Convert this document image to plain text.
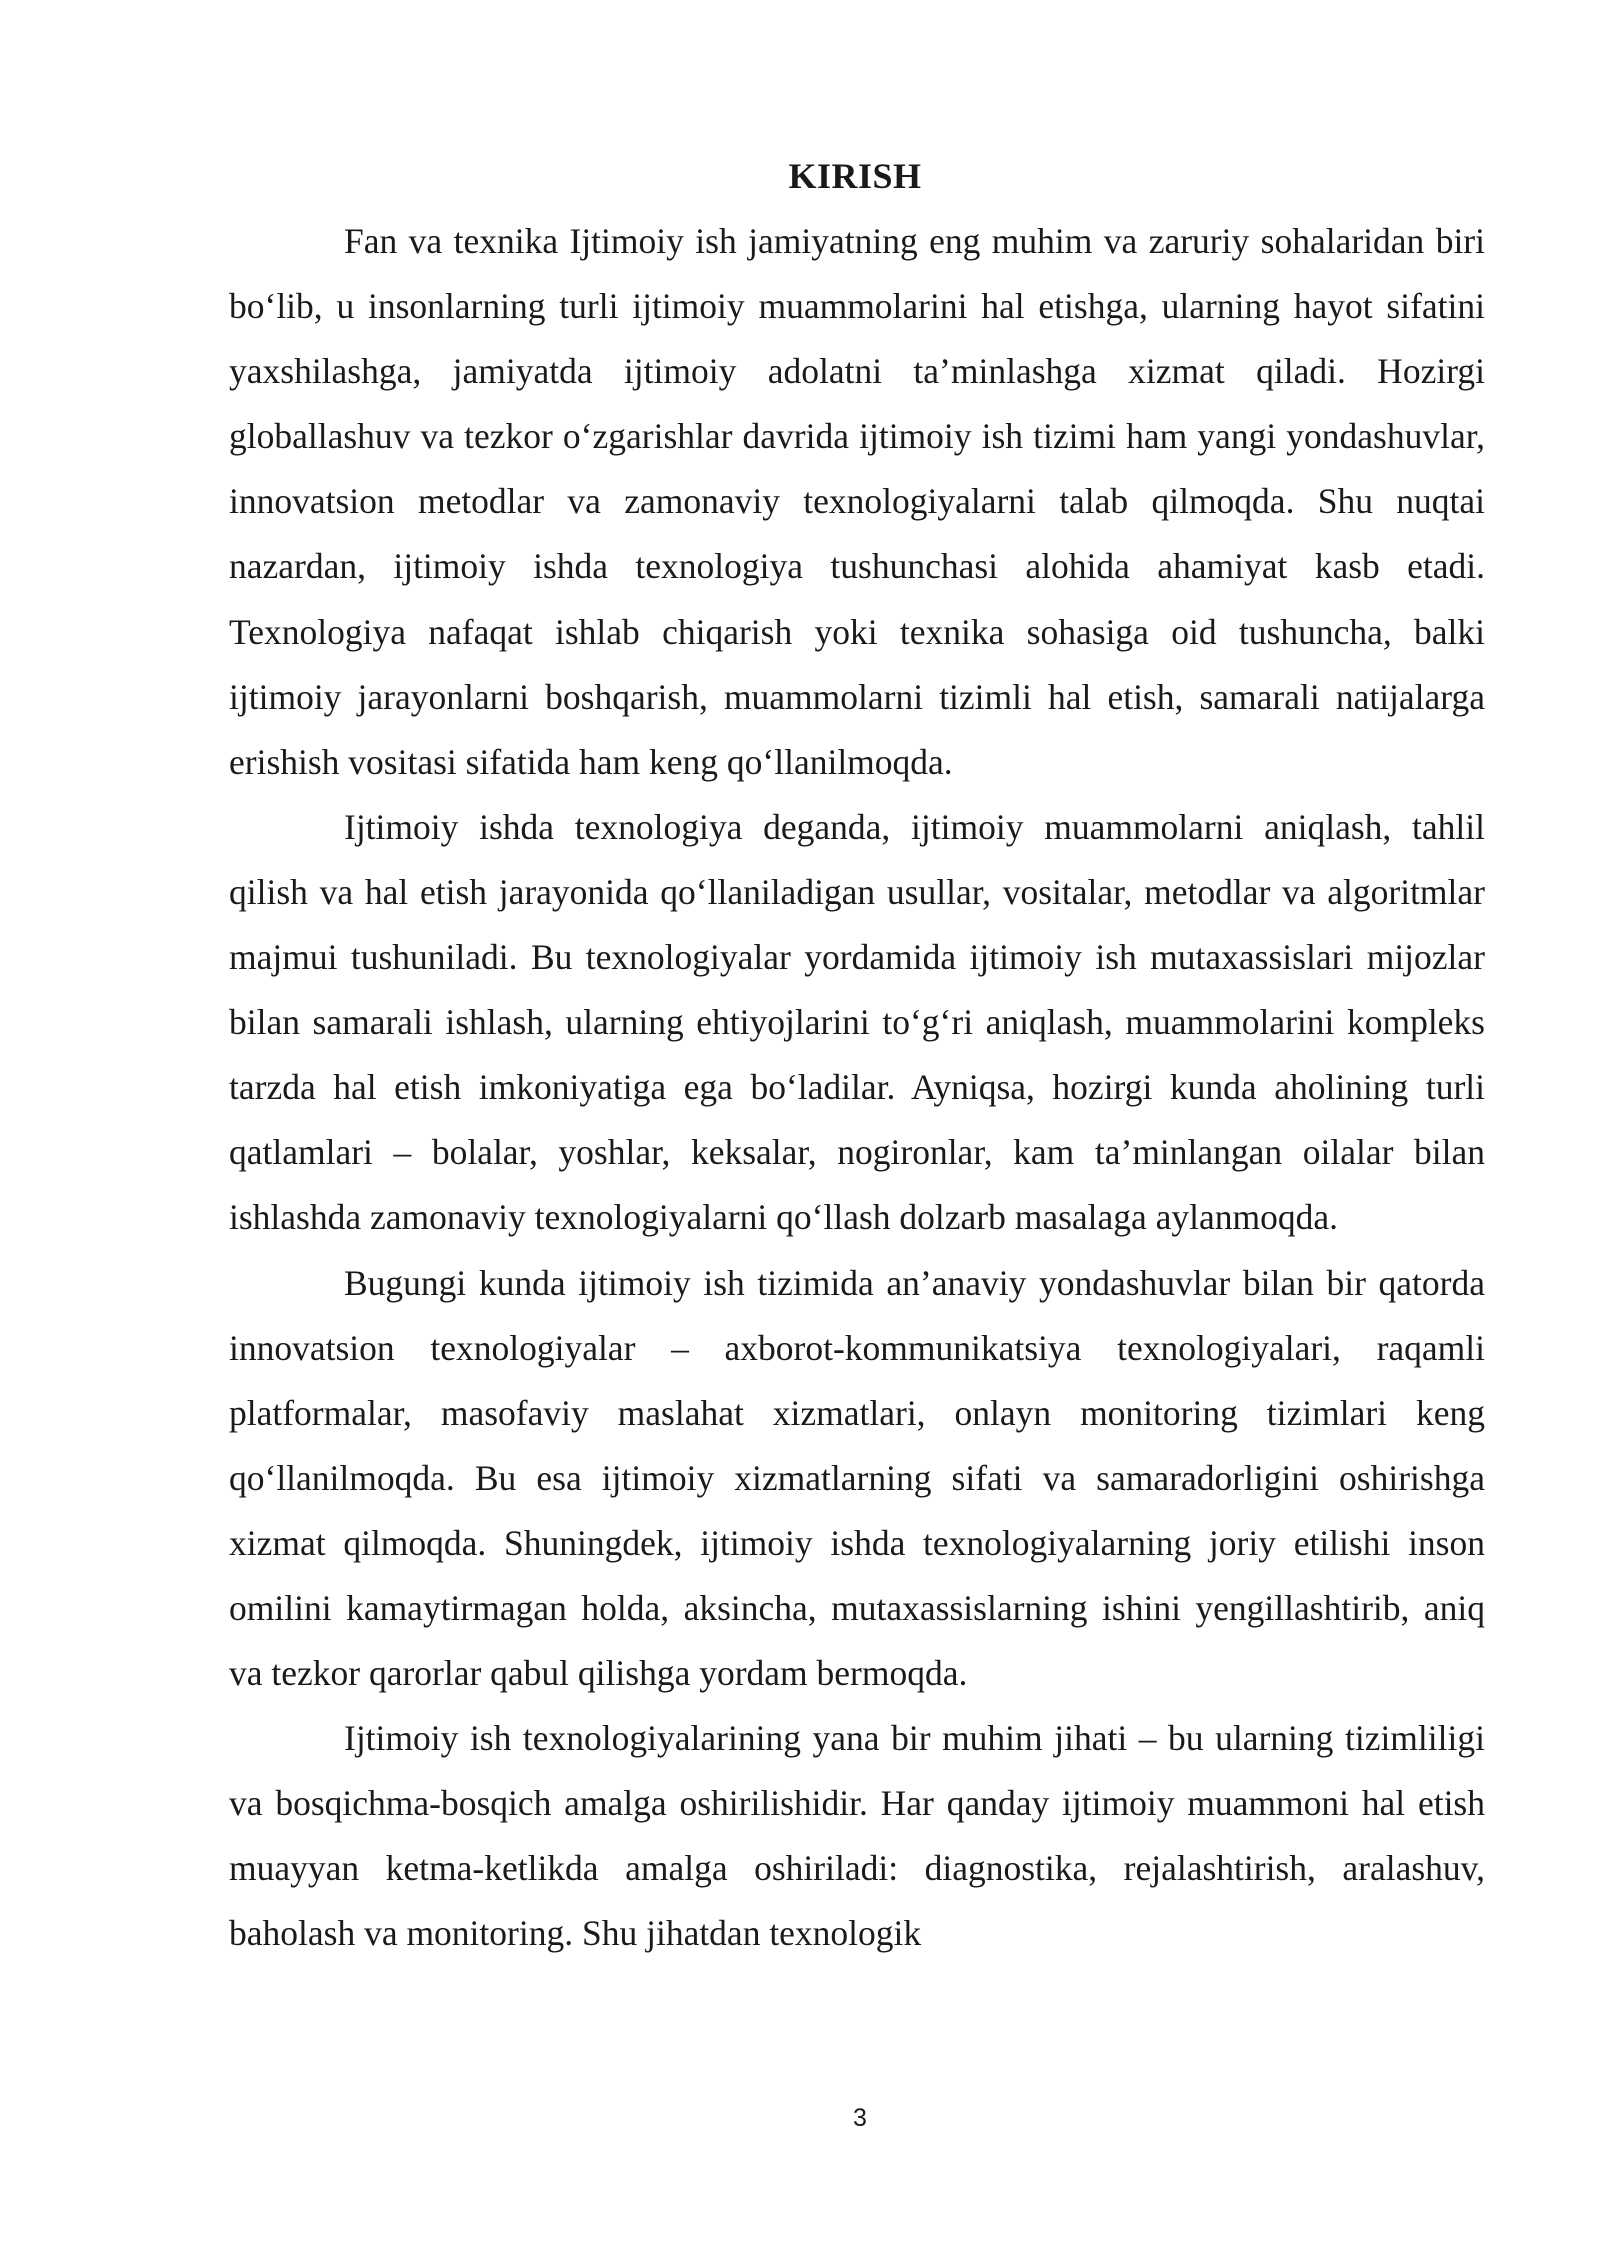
KIRISH

Fan va texnika Ijtimoiy ish jamiyatning eng muhim va zaruriy sohalaridan biri bo‘lib, u insonlarning turli ijtimoiy muammolarini hal etishga, ularning hayot sifatini yaxshilashga, jamiyatda ijtimoiy adolatni ta’minlashga xizmat qiladi. Hozirgi globallashuv va tezkor o‘zgarishlar davrida ijtimoiy ish tizimi ham yangi yondashuvlar, innovatsion metodlar va zamonaviy texnologiyalarni talab qilmoqda. Shu nuqtai nazardan, ijtimoiy ishda texnologiya tushunchasi alohida ahamiyat kasb etadi. Texnologiya nafaqat ishlab chiqarish yoki texnika sohasiga oid tushuncha, balki ijtimoiy jarayonlarni boshqarish, muammolarni tizimli hal etish, samarali natijalarga erishish vositasi sifatida ham keng qo‘llanilmoqda.

Ijtimoiy ishda texnologiya deganda, ijtimoiy muammolarni aniqlash, tahlil qilish va hal etish jarayonida qo‘llaniladigan usullar, vositalar, metodlar va algoritmlar majmui tushuniladi. Bu texnologiyalar yordamida ijtimoiy ish mutaxassislari mijozlar bilan samarali ishlash, ularning ehtiyojlarini to‘g‘ri aniqlash, muammolarini kompleks tarzda hal etish imkoniyatiga ega bo‘ladilar. Ayniqsa, hozirgi kunda aholining turli qatlamlari – bolalar, yoshlar, keksalar, nogironlar, kam ta’minlangan oilalar bilan ishlashda zamonaviy texnologiyalarni qo‘llash dolzarb masalaga aylanmoqda.

Bugungi kunda ijtimoiy ish tizimida an’anaviy yondashuvlar bilan bir qatorda innovatsion texnologiyalar – axborot-kommunikatsiya texnologiyalari, raqamli platformalar, masofaviy maslahat xizmatlari, onlayn monitoring tizimlari keng qo‘llanilmoqda. Bu esa ijtimoiy xizmatlarning sifati va samaradorligini oshirishga xizmat qilmoqda. Shuningdek, ijtimoiy ishda texnologiyalarning joriy etilishi inson omilini kamaytirmagan holda, aksincha, mutaxassislarning ishini yengillashtirib, aniq va tezkor qarorlar qabul qilishga yordam bermoqda.

Ijtimoiy ish texnologiyalarining yana bir muhim jihati – bu ularning tizimliligi va bosqichma-bosqich amalga oshirilishidir. Har qanday ijtimoiy muammoni hal etish muayyan ketma-ketlikda amalga oshiriladi: diagnostika, rejalashtirish, aralashuv, baholash va monitoring. Shu jihatdan texnologik

3
